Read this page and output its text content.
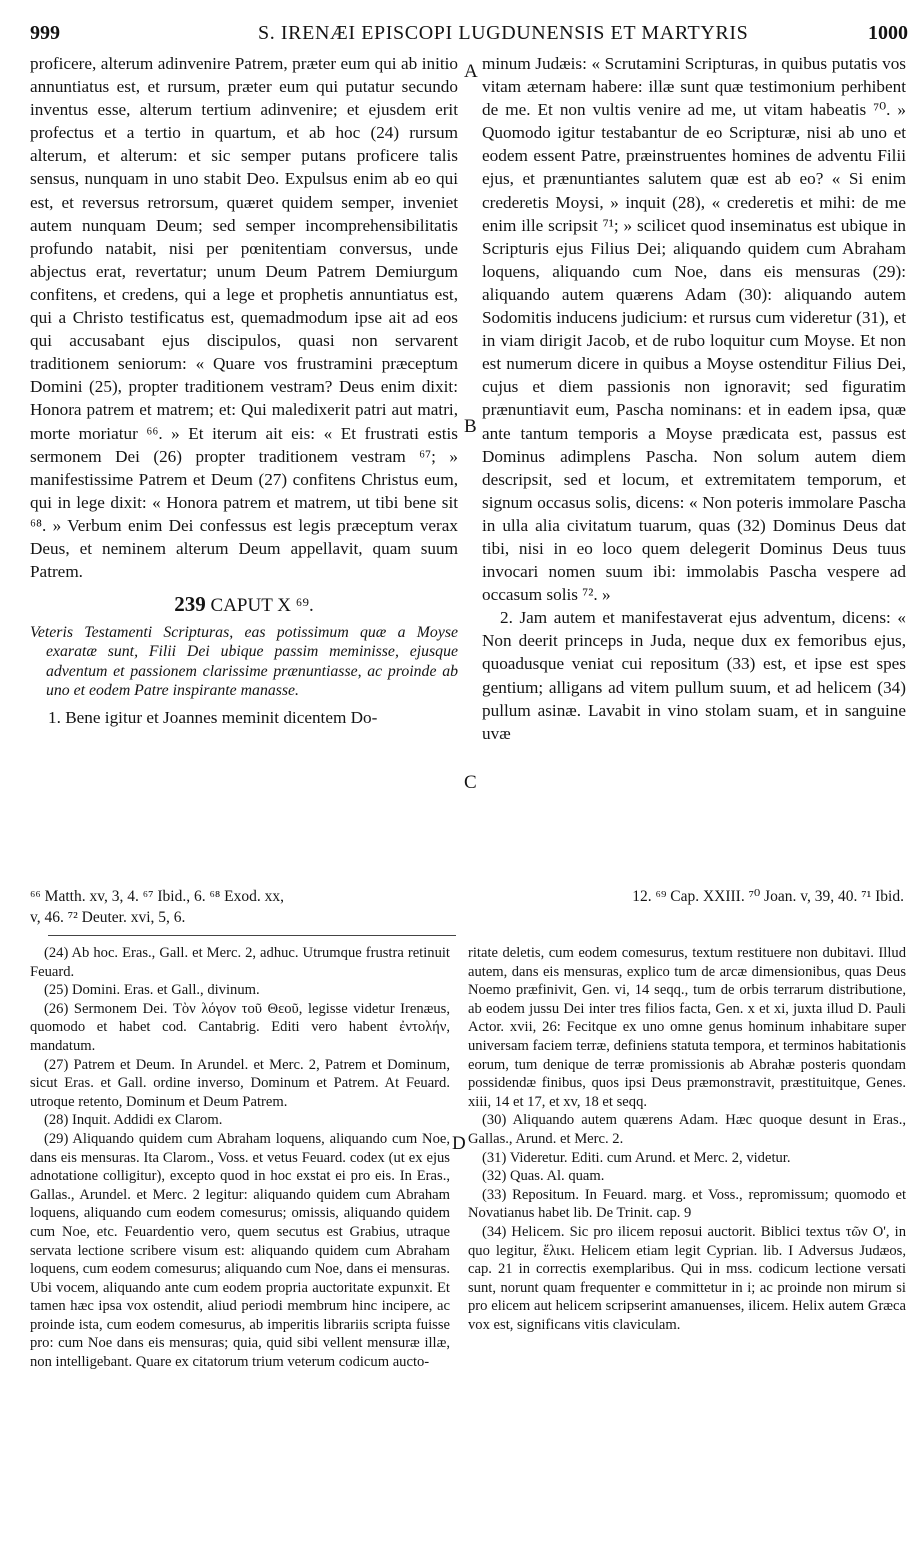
999	S. IRENÆI EPISCOPI LUGDUNENSIS ET MARTYRIS	1000

proficere, alterum adinvenire Patrem, præter eum qui ab initio annuntiatus est, et rursum, præter eum qui putatur secundo inventus esse, alterum tertium adinvenire; et ejusdem erit profectus et a tertio in quartum, et ab hoc (24) rursum alterum, et alterum: et sic semper putans proficere talis sensus, nunquam in uno stabit Deo. Expulsus enim ab eo qui est, et reversus retrorsum, quæret quidem semper, inveniet autem nunquam Deum; sed semper incomprehensibilitatis profundo natabit, nisi per pœnitentiam conversus, unde abjectus erat, revertatur; unum Deum Patrem Demiurgum confitens, et credens, qui a lege et prophetis annuntiatus est, qui a Christo testificatus est, quemadmodum ipse ait ad eos qui accusabant ejus discipulos, quasi non servarent traditionem seniorum: « Quare vos frustramini præceptum Domini (25), propter traditionem vestram? Deus enim dixit: Honora patrem et matrem; et: Qui maledixerit patri aut matri, morte moriatur ⁶⁶. » Et iterum ait eis: « Et frustrati estis sermonem Dei (26) propter traditionem vestram ⁶⁷; » manifestissime Patrem et Deum (27) confitens Christus eum, qui in lege dixit: « Honora patrem et matrem, ut tibi bene sit ⁶⁸. » Verbum enim Dei confessus est legis præceptum verax Deus, et neminem alterum Deum appellavit, quam suum Patrem.

239 CAPUT X ⁶⁹.
Veteris Testamenti Scripturas, eas potissimum quæ a Moyse exaratæ sunt, Filii Dei ubique passim meminisse, ejusque adventum et passionem clarissime prænuntiasse, ac proinde ab uno et eodem Patre inspirante manasse.

1. Bene igitur et Joannes meminit dicentem Do-

minum Judæis: « Scrutamini Scripturas, in quibus putatis vos vitam æternam habere: illæ sunt quæ testimonium perhibent de me. Et non vultis venire ad me, ut vitam habeatis ⁷⁰. » Quomodo igitur testabantur de eo Scripturæ, nisi ab uno et eodem essent Patre, præinstruentes homines de adventu Filii ejus, et prænuntiantes salutem quæ est ab eo? « Si enim crederetis Moysi, » inquit (28), « crederetis et mihi: de me enim ille scripsit ⁷¹; » scilicet quod inseminatus est ubique in Scripturis ejus Filius Dei; aliquando quidem cum Abraham loquens, aliquando cum Noe, dans eis mensuras (29): aliquando autem quærens Adam (30): aliquando autem Sodomitis inducens judicium: et rursus cum videretur (31), et in viam dirigit Jacob, et de rubo loquitur cum Moyse. Et non est numerum dicere in quibus a Moyse ostenditur Filius Dei, cujus et diem passionis non ignoravit; sed figuratim prænuntiavit eum, Pascha nominans: et in eadem ipsa, quæ ante tantum temporis a Moyse prædicata est, passus est Dominus adimplens Pascha. Non solum autem diem descripsit, sed et locum, et extremitatem temporum, et signum occasus solis, dicens: « Non poteris immolare Pascha in ulla alia civitatum tuarum, quas (32) Dominus Deus dat tibi, nisi in eo loco quem delegerit Dominus Deus tuus invocari nomen suum ibi: immolabis Pascha vespere ad occasum solis ⁷². »

2. Jam autem et manifestaverat ejus adventum, dicens: « Non deerit princeps in Juda, neque dux ex femoribus ejus, quoadusque veniat cui repositum (33) est, et ipse est spes gentium; alligans ad vitem pullum suum, et ad helicem (34) pullum asinæ. Lavabit in vino stolam suam, et in sanguine uvæ

A
B
C
D
⁶⁶ Matth. xv, 3, 4. ⁶⁷ Ibid., 6. ⁶⁸ Exod. xx,	12. ⁶⁹ Cap. XXIII. ⁷⁰ Joan. v, 39, 40. ⁷¹ Ibid.
v, 46. ⁷² Deuter. xvi, 5, 6.

(24) Ab hoc. Eras., Gall. et Merc. 2, adhuc. Utrumque frustra retinuit Feuard.

(25) Domini. Eras. et Gall., divinum.

(26) Sermonem Dei. Τὸν λόγον τοῦ Θεοῦ, legisse videtur Irenæus, quomodo et habet cod. Cantabrig. Editi vero habent ἐντολήν, mandatum.

(27) Patrem et Deum. In Arundel. et Merc. 2, Patrem et Dominum, sicut Eras. et Gall. ordine inverso, Dominum et Patrem. At Feuard. utroque retento, Dominum et Deum Patrem.

(28) Inquit. Addidi ex Clarom.

(29) Aliquando quidem cum Abraham loquens, aliquando cum Noe, dans eis mensuras. Ita Clarom., Voss. et vetus Feuard. codex (ut ex ejus adnotatione colligitur), excepto quod in hoc exstat ei pro eis. In Eras., Gallas., Arundel. et Merc. 2 legitur: aliquando quidem cum Abraham loquens, aliquando cum eodem comesurus; omissis, aliquando quidem cum Noe, etc. Feuardentio vero, quem secutus est Grabius, utraque servata lectione scribere visum est: aliquando quidem cum Abraham loquens, cum eodem comesurus; aliquando cum Noe, dans ei mensuras. Ubi vocem, aliquando ante cum eodem propria auctoritate expunxit. Et tamen hæc ipsa vox ostendit, aliud periodi membrum hinc incipere, ac proinde ista, cum eodem comesurus, ab imperitis librariis scripta fuisse pro: cum Noe dans eis mensuras; quia, quid sibi vellent mensuræ illæ, non intelligebant. Quare ex citatorum trium veterum codicum aucto-

ritate deletis, cum eodem comesurus, textum restituere non dubitavi. Illud autem, dans eis mensuras, explico tum de arcæ dimensionibus, quas Deus Noemo præfinivit, Gen. vi, 14 seqq., tum de orbis terrarum distributione, ab eodem jussu Dei inter tres filios facta, Gen. x et xi, juxta illud D. Pauli Actor. xvii, 26: Fecitque ex uno omne genus hominum inhabitare super universam faciem terræ, definiens statuta tempora, et terminos habitationis eorum, tum denique de terræ promissionis ab Abrahæ posteris quondam possidendæ finibus, quos ipsi Deus præmonstravit, præstituitque, Genes. xiii, 14 et 17, et xv, 18 et seqq.

(30) Aliquando autem quærens Adam. Hæc quoque desunt in Eras., Gallas., Arund. et Merc. 2.

(31) Videretur. Editi. cum Arund. et Merc. 2, videtur.

(32) Quas. Al. quam.

(33) Repositum. In Feuard. marg. et Voss., repromissum; quomodo et Novatianus habet lib. De Trinit. cap. 9

(34) Helicem. Sic pro ilicem reposui auctorit. Biblici textus τῶν O', in quo legitur, ἕλικι. Helicem etiam legit Cyprian. lib. I Adversus Judæos, cap. 21 in correctis exemplaribus. Qui in mss. codicum lectione versati sunt, norunt quam frequenter e committetur in i; ac proinde non mirum si pro elicem aut helicem scripserint amanuenses, ilicem. Helix autem Græca vox est, significans vitis claviculam.
